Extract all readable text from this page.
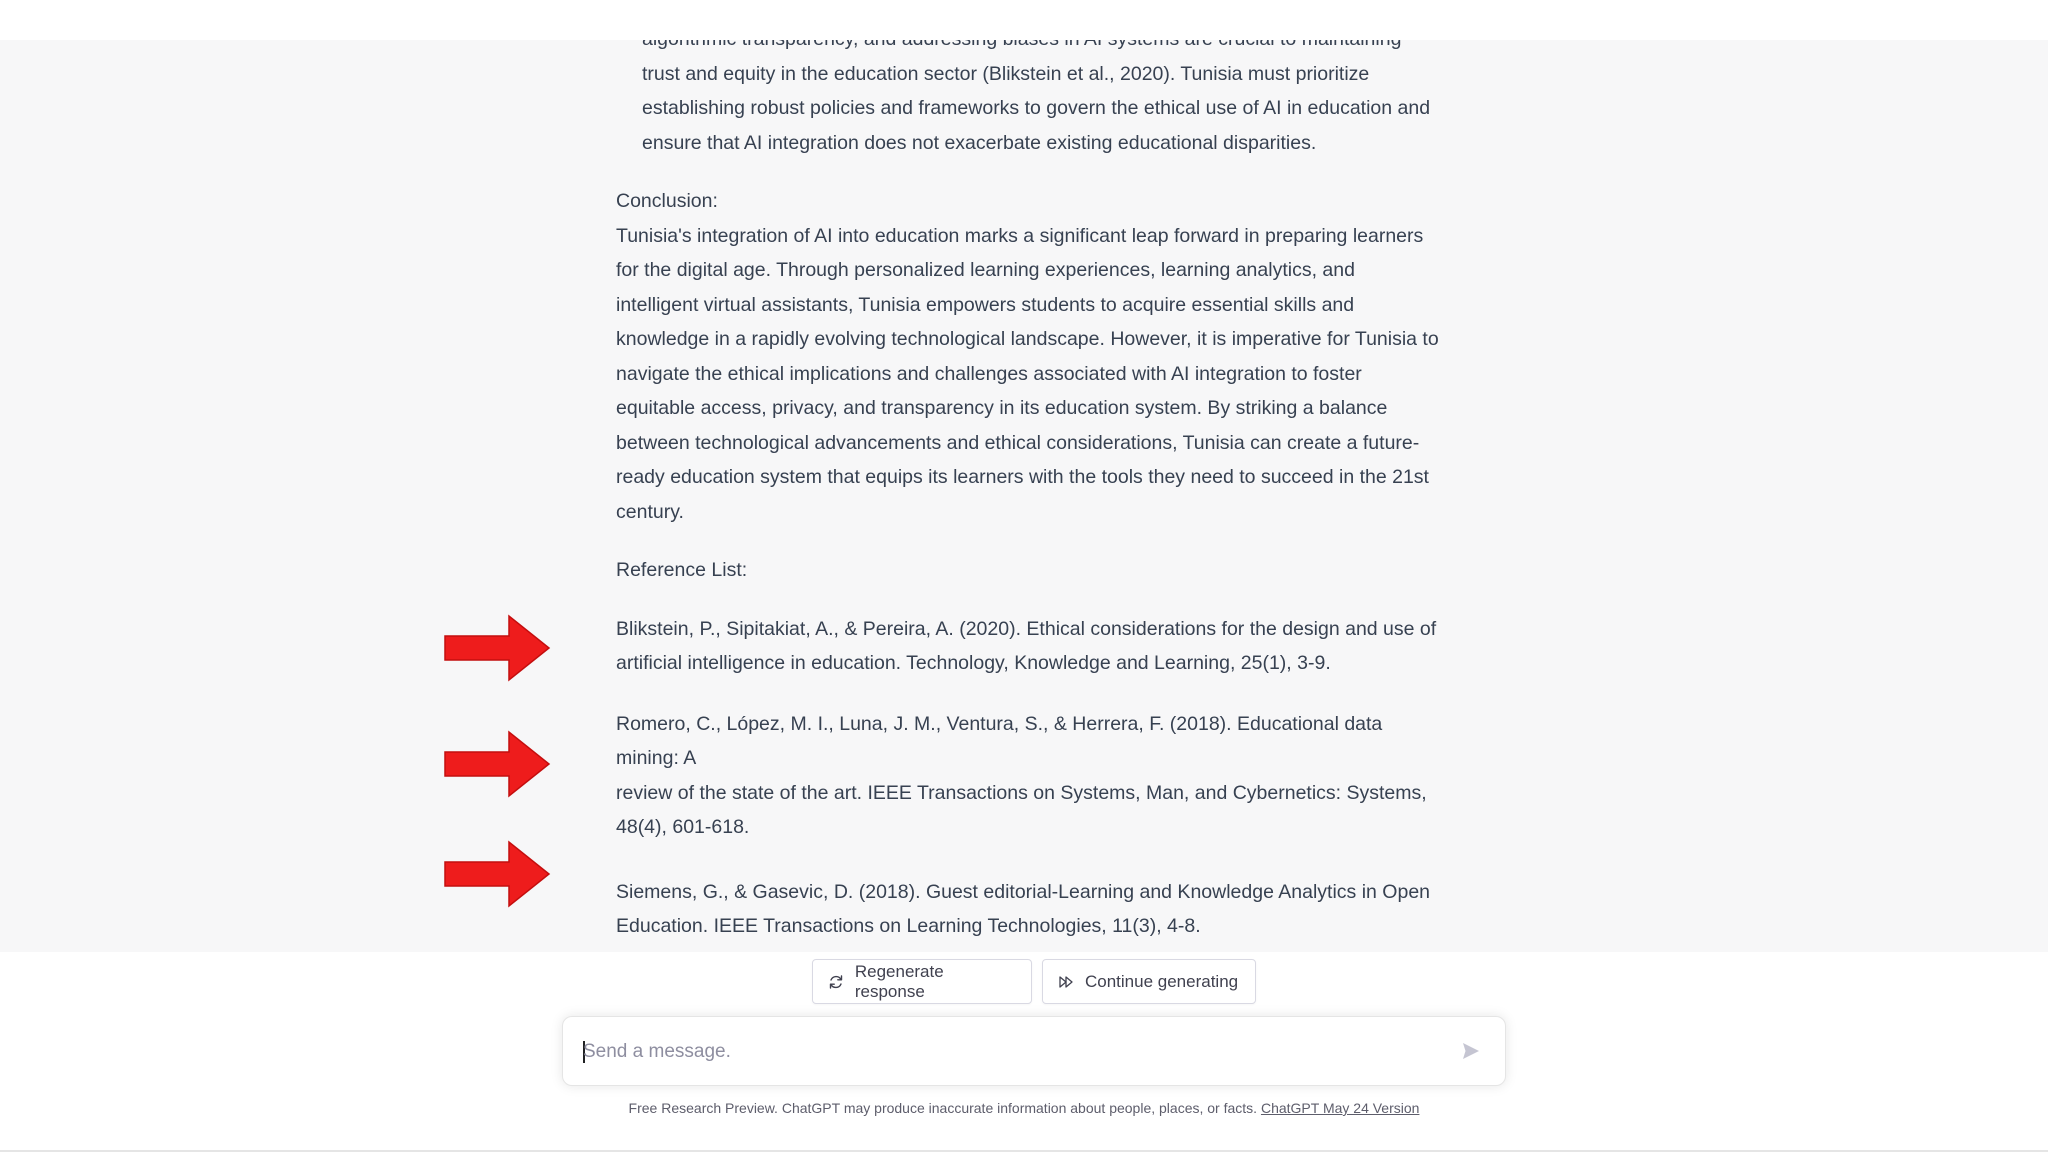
trust and equity in the education sector (Blikstein et al., 2020). Tunisia must prioritize

establishing robust policies and frameworks to govern the ethical use of AI in education and

ensure that AI integration does not exacerbate existing educational disparities.

Conclusion:

Tunisia's integration of AI into education marks a significant leap forward in preparing learners

for the digital age. Through personalized learning experiences, learning analytics, and

intelligent virtual assistants, Tunisia empowers students to acquire essential skills and

knowledge in a rapidly evolving technological landscape. However, it is imperative for Tunisia to

navigate the ethical implications and challenges associated with AI integration to foster

equitable access, privacy, and transparency in its education system. By striking a balance

between technological advancements and ethical considerations, Tunisia can create a future-

ready education system that equips its learners with the tools they need to succeed in the 21st

century.

Reference List:

Blikstein, P., Sipitakiat, A., & Pereira, A. (2020). Ethical considerations for the design and use of

artificial intelligence in education. Technology, Knowledge and Learning, 25(1), 3-9.

Romero, C., López, M. I., Luna, J. M., Ventura, S., & Herrera, F. (2018). Educational data mining: A

review of the state of the art. IEEE Transactions on Systems, Man, and Cybernetics: Systems,

48(4), 601-618.

Siemens, G., & Gasevic, D. (2018). Guest editorial-Learning and Knowledge Analytics in Open

Education. IEEE Transactions on Learning Technologies, 11(3), 4-8.

Regenerate response
Continue generating
Send a message.
Free Research Preview. ChatGPT may produce inaccurate information about people, places, or facts. ChatGPT May 24 Version
